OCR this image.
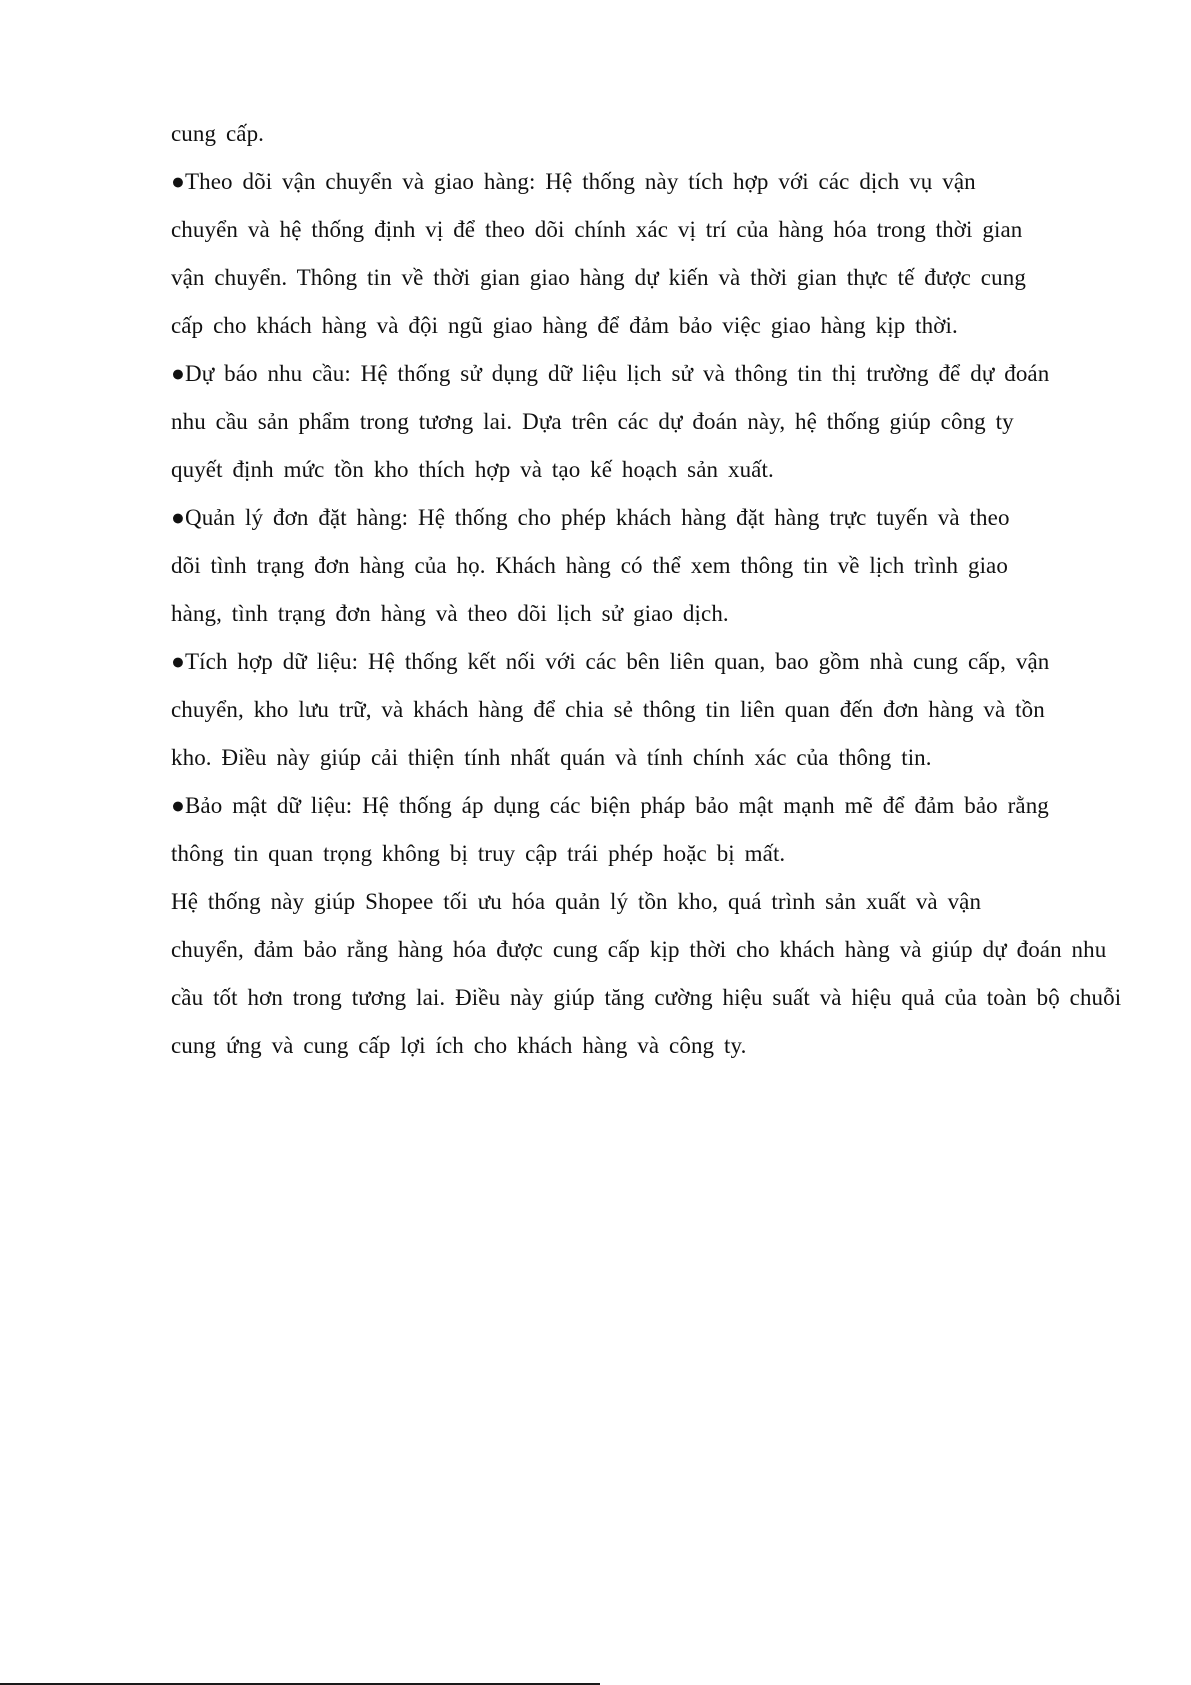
cung cấp.
●Theo dõi vận chuyển và giao hàng: Hệ thống này tích hợp với các dịch vụ vận
chuyển và hệ thống định vị để theo dõi chính xác vị trí của hàng hóa trong thời gian
vận chuyển. Thông tin về thời gian giao hàng dự kiến và thời gian thực tế được cung
cấp cho khách hàng và đội ngũ giao hàng để đảm bảo việc giao hàng kịp thời.
●Dự báo nhu cầu: Hệ thống sử dụng dữ liệu lịch sử và thông tin thị trường để dự đoán
nhu cầu sản phẩm trong tương lai. Dựa trên các dự đoán này, hệ thống giúp công ty
quyết định mức tồn kho thích hợp và tạo kế hoạch sản xuất.
●Quản lý đơn đặt hàng: Hệ thống cho phép khách hàng đặt hàng trực tuyến và theo
dõi tình trạng đơn hàng của họ. Khách hàng có thể xem thông tin về lịch trình giao
hàng, tình trạng đơn hàng và theo dõi lịch sử giao dịch.
●Tích hợp dữ liệu: Hệ thống kết nối với các bên liên quan, bao gồm nhà cung cấp, vận
chuyển, kho lưu trữ, và khách hàng để chia sẻ thông tin liên quan đến đơn hàng và tồn
kho. Điều này giúp cải thiện tính nhất quán và tính chính xác của thông tin.
●Bảo mật dữ liệu: Hệ thống áp dụng các biện pháp bảo mật mạnh mẽ để đảm bảo rằng
thông tin quan trọng không bị truy cập trái phép hoặc bị mất.
Hệ thống này giúp Shopee tối ưu hóa quản lý tồn kho, quá trình sản xuất và vận
chuyển, đảm bảo rằng hàng hóa được cung cấp kịp thời cho khách hàng và giúp dự đoán nhu
cầu tốt hơn trong tương lai. Điều này giúp tăng cường hiệu suất và hiệu quả của toàn bộ chuỗi
cung ứng và cung cấp lợi ích cho khách hàng và công ty.
